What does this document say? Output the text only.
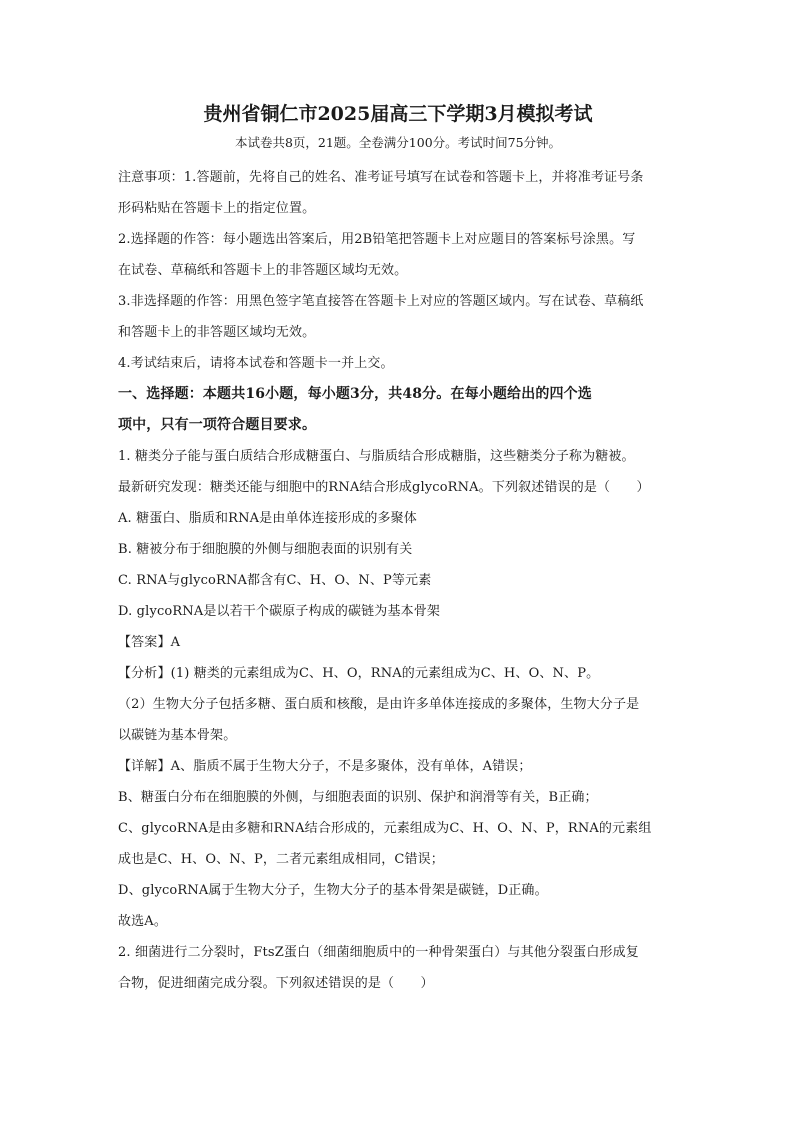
贵州省铜仁市2025届高三下学期3月模拟考试
本试卷共8页，21题。全卷满分100分。考试时间75分钟。
注意事项：1.答题前，先将自己的姓名、准考证号填写在试卷和答题卡上，并将准考证号条
形码粘贴在答题卡上的指定位置。
2.选择题的作答：每小题选出答案后，用2B铅笔把答题卡上对应题目的答案标号涂黑。写
在试卷、草稿纸和答题卡上的非答题区域均无效。
3.非选择题的作答：用黑色签字笔直接答在答题卡上对应的答题区域内。写在试卷、草稿纸
和答题卡上的非答题区域均无效。
4.考试结束后，请将本试卷和答题卡一并上交。
一、选择题：本题共16小题，每小题3分，共48分。在每小题给出的四个选
项中，只有一项符合题目要求。
1. 糖类分子能与蛋白质结合形成糖蛋白、与脂质结合形成糖脂，这些糖类分子称为糖被。
最新研究发现：糖类还能与细胞中的RNA结合形成glycoRNA。下列叙述错误的是（　　）
A. 糖蛋白、脂质和RNA是由单体连接形成的多聚体
B. 糖被分布于细胞膜的外侧与细胞表面的识别有关
C. RNA与glycoRNA都含有C、H、O、N、P等元素
D. glycoRNA是以若干个碳原子构成的碳链为基本骨架
【答案】A
【分析】(1) 糖类的元素组成为C、H、O，RNA的元素组成为C、H、O、N、P。
（2）生物大分子包括多糖、蛋白质和核酸，是由许多单体连接成的多聚体，生物大分子是
以碳链为基本骨架。
【详解】A、脂质不属于生物大分子，不是多聚体，没有单体，A错误；
B、糖蛋白分布在细胞膜的外侧，与细胞表面的识别、保护和润滑等有关，B正确；
C、glycoRNA是由多糖和RNA结合形成的，元素组成为C、H、O、N、P，RNA的元素组
成也是C、H、O、N、P，二者元素组成相同，C错误；
D、glycoRNA属于生物大分子，生物大分子的基本骨架是碳链，D正确。
故选A。
2. 细菌进行二分裂时，FtsZ蛋白（细菌细胞质中的一种骨架蛋白）与其他分裂蛋白形成复
合物，促进细菌完成分裂。下列叙述错误的是（　　）
